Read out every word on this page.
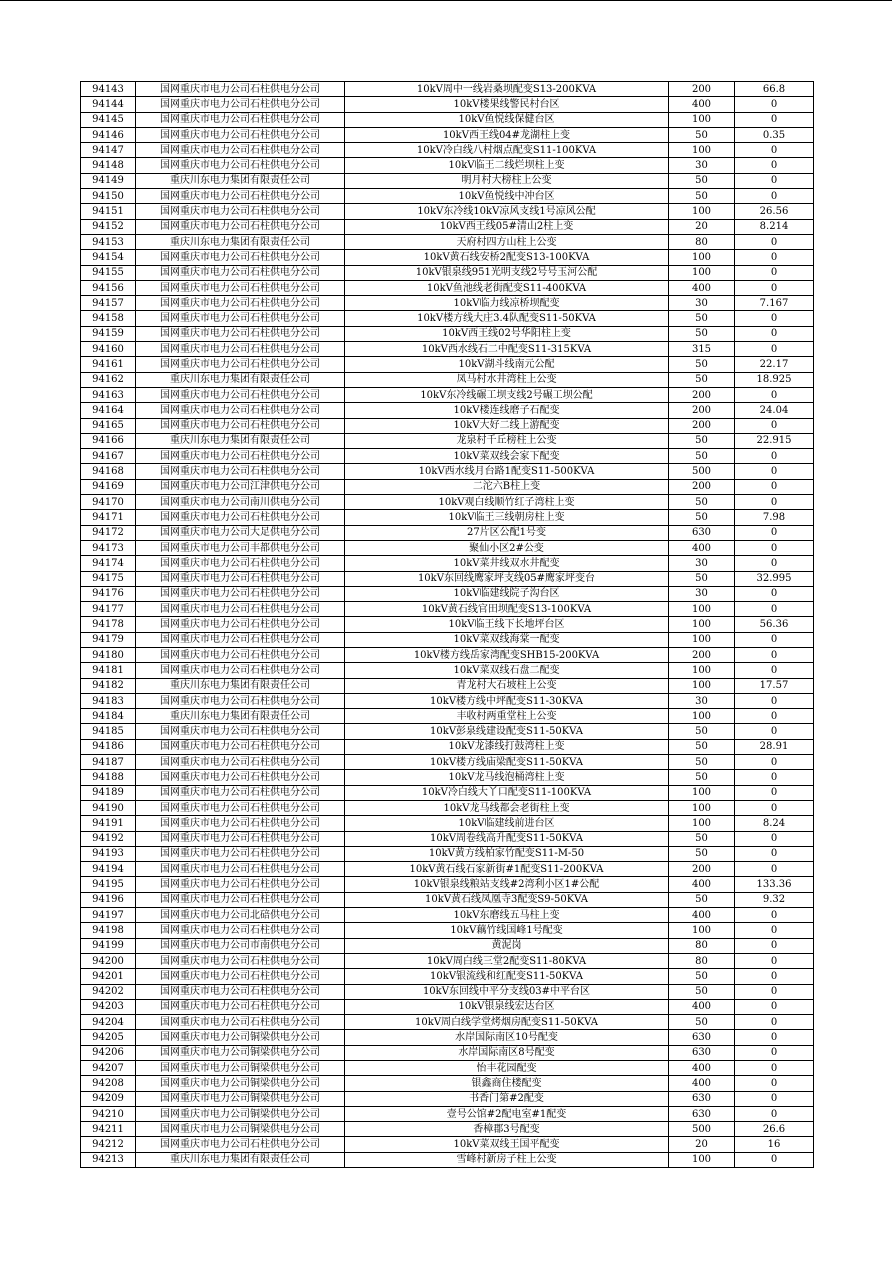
94143	国网重庆市电力公司石柱供电分公司	10kV周中一线岩桑坝配变S13-200KVA	200	66.8
94144	国网重庆市电力公司石柱供电分公司	10kV楼果线警民村台区	400	0
94145	国网重庆市电力公司石柱供电分公司	10kV鱼悦线保健台区	100	0
94146	国网重庆市电力公司石柱供电分公司	10kV西王线04#龙湖柱上变	50	0.35
94147	国网重庆市电力公司石柱供电分公司	10kV冷白线八村烟点配变S11-100KVA	100	0
94148	国网重庆市电力公司石柱供电分公司	10kV临王二线烂坝柱上变	30	0
94149	重庆川东电力集团有限责任公司	明月村大榜柱上公变	50	0
94150	国网重庆市电力公司石柱供电分公司	10kV鱼悦线中冲台区	50	0
94151	国网重庆市电力公司石柱供电分公司	10kV东冷线10kV凉风支线1号凉风公配	100	26.56
94152	国网重庆市电力公司石柱供电分公司	10kV西王线05#清山2柱上变	20	8.214
94153	重庆川东电力集团有限责任公司	天府村四方山柱上公变	80	0
94154	国网重庆市电力公司石柱供电分公司	10kV黄石线安桥2配变S13-100KVA	100	0
94155	国网重庆市电力公司石柱供电分公司	10kV银泉线951光明支线2号号玉河公配	100	0
94156	国网重庆市电力公司石柱供电分公司	10kV鱼池线老街配变S11-400KVA	400	0
94157	国网重庆市电力公司石柱供电分公司	10kV临力线凉桥坝配变	30	7.167
94158	国网重庆市电力公司石柱供电分公司	10kV楼方线大庄3.4队配变S11-50KVA	50	0
94159	国网重庆市电力公司石柱供电分公司	10kV西王线02号华阳柱上变	50	0
94160	国网重庆市电力公司石柱供电分公司	10kV西水线石二中配变S11-315KVA	315	0
94161	国网重庆市电力公司石柱供电分公司	10kV湖斗线南元公配	50	22.17
94162	重庆川东电力集团有限责任公司	凤马村水井湾柱上公变	50	18.925
94163	国网重庆市电力公司石柱供电分公司	10kV东冷线碾工坝支线2号碾工坝公配	200	0
94164	国网重庆市电力公司石柱供电分公司	10kV楼连线磨子石配变	200	24.04
94165	国网重庆市电力公司石柱供电分公司	10kV大好二线上游配变	200	0
94166	重庆川东电力集团有限责任公司	龙泉村千丘榜柱上公变	50	22.915
94167	国网重庆市电力公司石柱供电分公司	10kV菜双线会家下配变	50	0
94168	国网重庆市电力公司石柱供电分公司	10kV西水线月台路1配变S11-500KVA	500	0
94169	国网重庆市电力公司江津供电分公司	二沱六B柱上变	200	0
94170	国网重庆市电力公司南川供电分公司	10kV观白线顺竹红子湾柱上变	50	0
94171	国网重庆市电力公司石柱供电分公司	10kV临王三线朝房柱上变	50	7.98
94172	国网重庆市电力公司大足供电分公司	27片区公配1号变	630	0
94173	国网重庆市电力公司丰都供电分公司	聚仙小区2#公变	400	0
94174	国网重庆市电力公司石柱供电分公司	10kV菜井线双水井配变	30	0
94175	国网重庆市电力公司石柱供电分公司	10kV东回线鹰家坪支线05#鹰家坪变台	50	32.995
94176	国网重庆市电力公司石柱供电分公司	10kV临建线院子沟台区	30	0
94177	国网重庆市电力公司石柱供电分公司	10kV黄石线官田坝配变S13-100KVA	100	0
94178	国网重庆市电力公司石柱供电分公司	10kV临王线下长地坪台区	100	56.36
94179	国网重庆市电力公司石柱供电分公司	10kV菜双线海棠一配变	100	0
94180	国网重庆市电力公司石柱供电分公司	10kV楼方线岳家湾配变SHB15-200KVA	200	0
94181	国网重庆市电力公司石柱供电分公司	10kV菜双线石盘二配变	100	0
94182	重庆川东电力集团有限责任公司	青龙村大石坡柱上公变	100	17.57
94183	国网重庆市电力公司石柱供电分公司	10kV楼方线中坪配变S11-30KVA	30	0
94184	重庆川东电力集团有限责任公司	丰收村两重堂柱上公变	100	0
94185	国网重庆市电力公司石柱供电分公司	10kV彭泉线建设配变S11-50KVA	50	0
94186	国网重庆市电力公司石柱供电分公司	10kV龙漆线打鼓湾柱上变	50	28.91
94187	国网重庆市电力公司石柱供电分公司	10kV楼方线庙梁配变S11-50KVA	50	0
94188	国网重庆市电力公司石柱供电分公司	10kV龙马线泡桶湾柱上变	50	0
94189	国网重庆市电力公司石柱供电分公司	10kV冷白线大丫口配变S11-100KVA	100	0
94190	国网重庆市电力公司石柱供电分公司	10kV龙马线都会老街柱上变	100	0
94191	国网重庆市电力公司石柱供电分公司	10kV临建线前进台区	100	8.24
94192	国网重庆市电力公司石柱供电分公司	10kV周卷线高升配变S11-50KVA	50	0
94193	国网重庆市电力公司石柱供电分公司	10kV黄方线柏家竹配变S11-M-50	50	0
94194	国网重庆市电力公司石柱供电分公司	10kV黄石线石家新街#1配变S11-200KVA	200	0
94195	国网重庆市电力公司石柱供电分公司	10kV银泉线粮站支线#2湾利小区1#公配	400	133.36
94196	国网重庆市电力公司石柱供电分公司	10kV黄石线凤凰寺3配变S9-50KVA	50	9.32
94197	国网重庆市电力公司北碚供电分公司	10kV东磨线五马柱上变	400	0
94198	国网重庆市电力公司石柱供电分公司	10kV藕竹线国峰1号配变	100	0
94199	国网重庆市电力公司市南供电分公司	黄泥岗	80	0
94200	国网重庆市电力公司石柱供电分公司	10kV周白线三堂2配变S11-80KVA	80	0
94201	国网重庆市电力公司石柱供电分公司	10kV银流线和红配变S11-50KVA	50	0
94202	国网重庆市电力公司石柱供电分公司	10kV东回线中平分支线03#中平台区	50	0
94203	国网重庆市电力公司石柱供电分公司	10kV银泉线宏达台区	400	0
94204	国网重庆市电力公司石柱供电分公司	10kV周白线学堂烤烟房配变S11-50KVA	50	0
94205	国网重庆市电力公司铜梁供电分公司	水岸国际南区10号配变	630	0
94206	国网重庆市电力公司铜梁供电分公司	水岸国际南区8号配变	630	0
94207	国网重庆市电力公司铜梁供电分公司	怡丰花园配变	400	0
94208	国网重庆市电力公司铜梁供电分公司	银鑫商住楼配变	400	0
94209	国网重庆市电力公司铜梁供电分公司	书香门第#2配变	630	0
94210	国网重庆市电力公司铜梁供电分公司	壹号公馆#2配电室#1配变	630	0
94211	国网重庆市电力公司铜梁供电分公司	香樟郡3号配变	500	26.6
94212	国网重庆市电力公司石柱供电分公司	10kV菜双线王国平配变	20	16
94213	重庆川东电力集团有限责任公司	雪峰村新房子柱上公变	100	0
